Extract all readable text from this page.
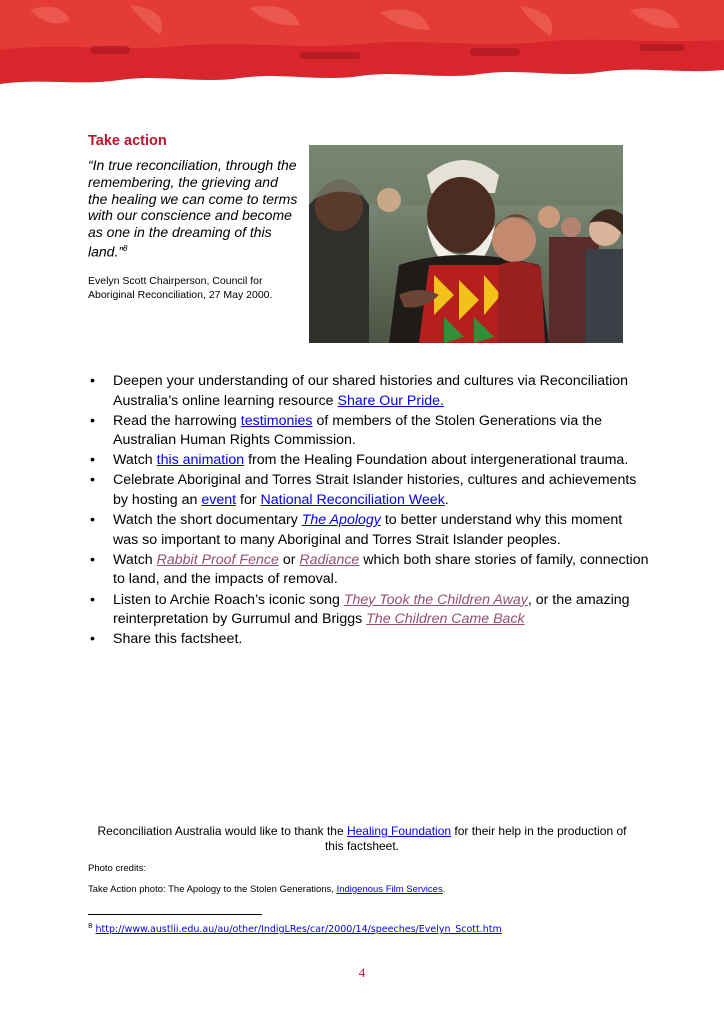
Take action
“In true reconciliation, through the remembering, the grieving and the healing we can come to terms with our conscience and become as one in the dreaming of this land.”$^8$
Evelyn Scott Chairperson, Council for Aboriginal Reconciliation, 27 May 2000.
• Deepen your understanding of our shared histories and cultures via Reconciliation Australia’s online learning resource Share Our Pride.
• Read the harrowing testimonies of members of the Stolen Generations via the Australian Human Rights Commission.
• Watch this animation from the Healing Foundation about intergenerational trauma.
• Celebrate Aboriginal and Torres Strait Islander histories, cultures and achievements by hosting an event for National Reconciliation Week.
• Watch the short documentary The Apology to better understand why this moment was so important to many Aboriginal and Torres Strait Islander peoples.
• Watch Rabbit Proof Fence or Radiance which both share stories of family, connection to land, and the impacts of removal.
• Listen to Archie Roach’s iconic song They Took the Children Away, or the amazing reinterpretation by Gurrumul and Briggs The Children Came Back
• Share this factsheet.
Reconciliation Australia would like to thank the Healing Foundation for their help in the production of this factsheet.
Photo credits:
Take Action photo: The Apology to the Stolen Generations, Indigenous Film Services.
$^8$ http://www.austlii.edu.au/au/other/IndigLRes/car/2000/14/speeches/Evelyn_Scott.htm
4
